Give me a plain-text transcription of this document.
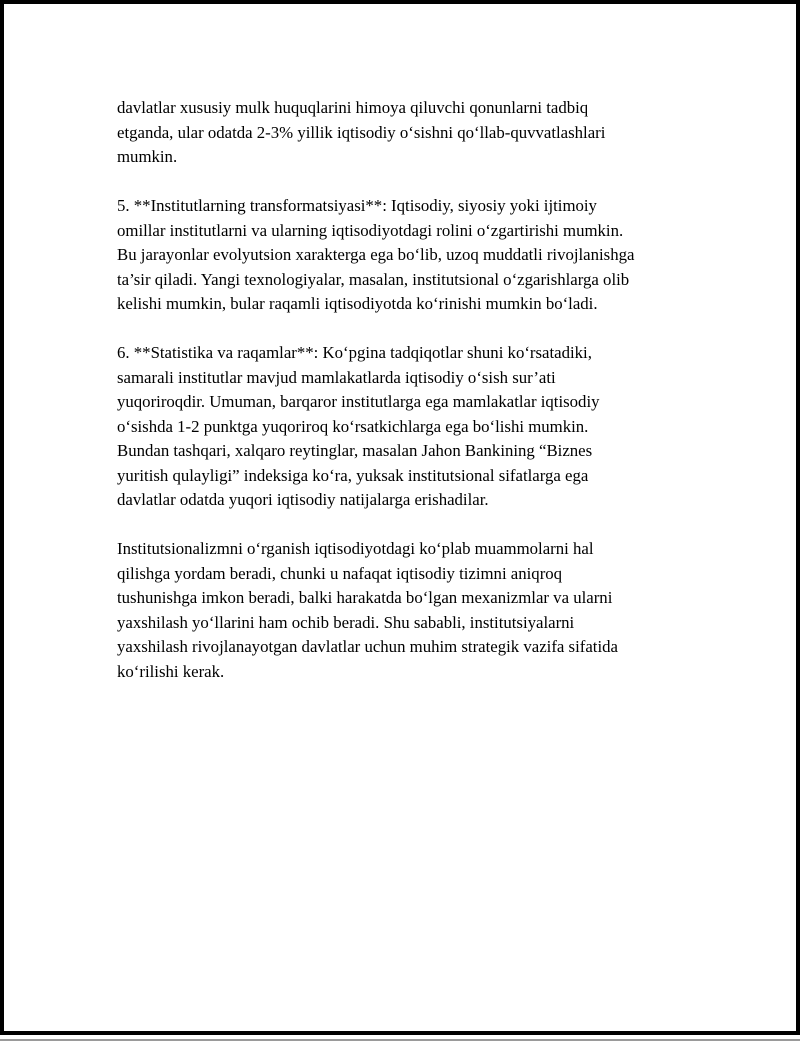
davlatlar xususiy mulk huquqlarini himoya qiluvchi qonunlarni tadbiq
etganda, ular odatda 2-3% yillik iqtisodiy o‘sishni qo‘llab-quvvatlashlari
mumkin.

5. **Institutlarning transformatsiyasi**: Iqtisodiy, siyosiy yoki ijtimoiy
omillar institutlarni va ularning iqtisodiyotdagi rolini o‘zgartirishi mumkin.
Bu jarayonlar evolyutsion xarakterga ega bo‘lib, uzoq muddatli rivojlanishga
ta’sir qiladi. Yangi texnologiyalar, masalan, institutsional o‘zgarishlarga olib
kelishi mumkin, bular raqamli iqtisodiyotda ko‘rinishi mumkin bo‘ladi.

6. **Statistika va raqamlar**: Ko‘pgina tadqiqotlar shuni ko‘rsatadiki,
samarali institutlar mavjud mamlakatlarda iqtisodiy o‘sish sur’ati
yuqoriroqdir. Umuman, barqaror institutlarga ega mamlakatlar iqtisodiy
o‘sishda 1-2 punktga yuqoriroq ko‘rsatkichlarga ega bo‘lishi mumkin.
Bundan tashqari, xalqaro reytinglar, masalan Jahon Bankining “Biznes
yuritish qulayligi” indeksiga ko‘ra, yuksak institutsional sifatlarga ega
davlatlar odatda yuqori iqtisodiy natijalarga erishadilar.

Institutsionalizmni o‘rganish iqtisodiyotdagi ko‘plab muammolarni hal
qilishga yordam beradi, chunki u nafaqat iqtisodiy tizimni aniqroq
tushunishga imkon beradi, balki harakatda bo‘lgan mexanizmlar va ularni
yaxshilash yo‘llarini ham ochib beradi. Shu sababli, institutsiyalarni
yaxshilash rivojlanayotgan davlatlar uchun muhim strategik vazifa sifatida
ko‘rilishi kerak.
